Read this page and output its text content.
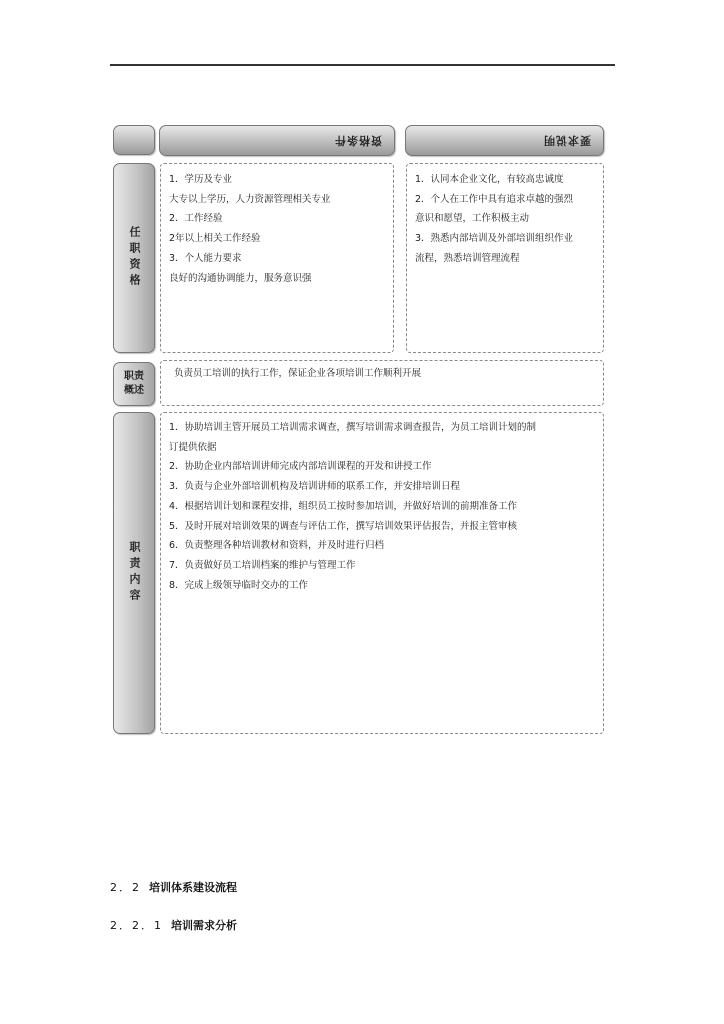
资格条件	要求说明
任职资格
职责
概述
职责内容
1．学历及专业
大专以上学历，人力资源管理相关专业
2．工作经验
2年以上相关工作经验
3．个人能力要求
良好的沟通协调能力，服务意识强
1．认同本企业文化，有较高忠诚度
2．个人在工作中具有追求卓越的强烈
意识和愿望，工作积极主动
3．熟悉内部培训及外部培训组织作业
流程，熟悉培训管理流程
负责员工培训的执行工作，保证企业各项培训工作顺利开展
1．协助培训主管开展员工培训需求调查，撰写培训需求调查报告，为员工培训计划的制
订提供依据
2．协助企业内部培训讲师完成内部培训课程的开发和讲授工作
3．负责与企业外部培训机构及培训讲师的联系工作，并安排培训日程
4．根据培训计划和课程安排，组织员工按时参加培训，并做好培训的前期准备工作
5．及时开展对培训效果的调查与评估工作，撰写培训效果评估报告，并报主管审核
6．负责整理各种培训教材和资料，并及时进行归档
7．负责做好员工培训档案的维护与管理工作
8．完成上级领导临时交办的工作
2．2 培训体系建设流程
2．2．1 培训需求分析
